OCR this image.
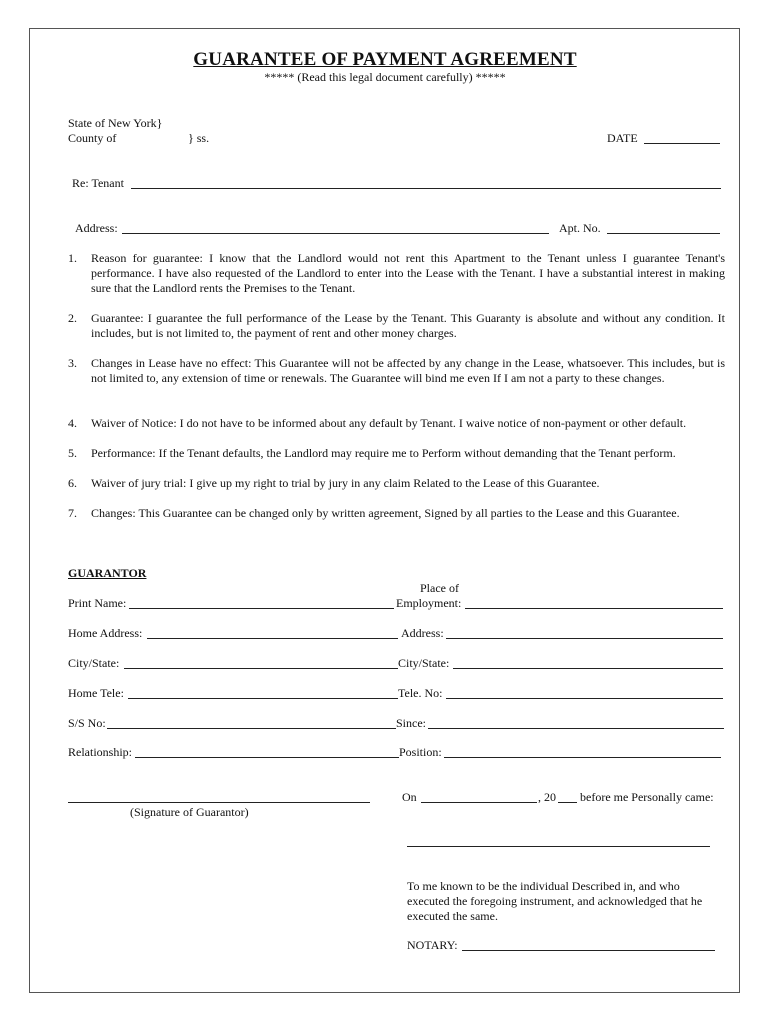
GUARANTEE OF PAYMENT AGREEMENT
***** (Read this legal document carefully) *****
State of New York}
County of	} ss.	DATE
Re: Tenant
Address:	Apt. No.
1. Reason for guarantee: I know that the Landlord would not rent this Apartment to the Tenant unless I guarantee Tenant's performance. I have also requested of the Landlord to enter into the Lease with the Tenant. I have a substantial interest in making sure that the Landlord rents the Premises to the Tenant.
2. Guarantee: I guarantee the full performance of the Lease by the Tenant. This Guaranty is absolute and without any condition. It includes, but is not limited to, the payment of rent and other money charges.
3. Changes in Lease have no effect: This Guarantee will not be affected by any change in the Lease, whatsoever. This includes, but is not limited to, any extension of time or renewals. The Guarantee will bind me even If I am not a party to these changes.
4. Waiver of Notice: I do not have to be informed about any default by Tenant. I waive notice of non-payment or other default.
5. Performance: If the Tenant defaults, the Landlord may require me to Perform without demanding that the Tenant perform.
6. Waiver of jury trial: I give up my right to trial by jury in any claim Related to the Lease of this Guarantee.
7. Changes: This Guarantee can be changed only by written agreement, Signed by all parties to the Lease and this Guarantee.
GUARANTOR
Place of
Print Name:	Employment:
Home Address:	Address:
City/State:	City/State:
Home Tele:	Tele. No:
S/S No:	Since:
Relationship:	Position:
(Signature of Guarantor)
On	, 20 before me Personally came:
To me known to be the individual Described in, and who executed the foregoing instrument, and acknowledged that he executed the same.
NOTARY:
